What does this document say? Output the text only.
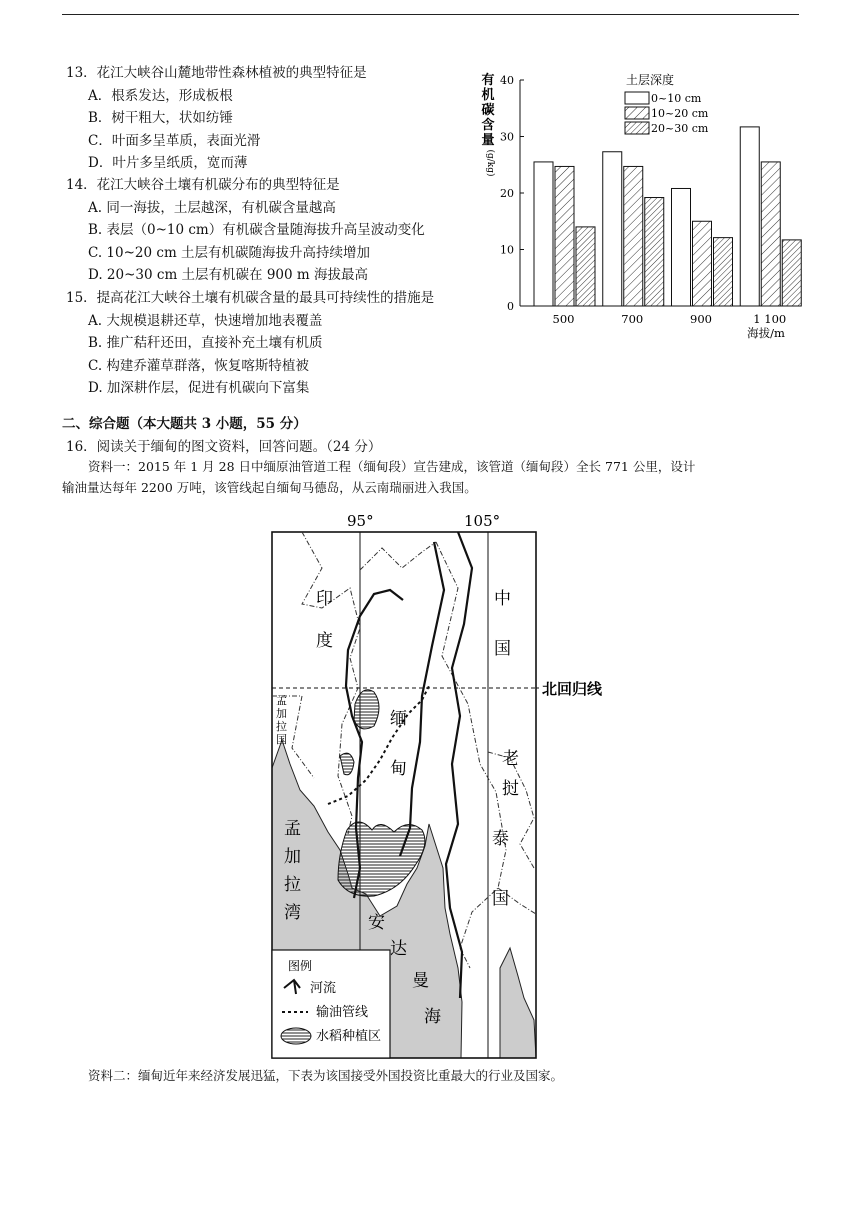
13．花江大峡谷山麓地带性森林植被的典型特征是
A．根系发达，形成板根
B．树干粗大，状如纺锤
C．叶面多呈革质，表面光滑
D．叶片多呈纸质，宽而薄
14．花江大峡谷土壤有机碳分布的典型特征是
A. 同一海拔，土层越深，有机碳含量越高
B. 表层（0~10 cm）有机碳含量随海拔升高呈波动变化
C. 10~20 cm 土层有机碳随海拔升高持续增加
D. 20~30 cm 土层有机碳在 900 m 海拔最高
15．提高花江大峡谷土壤有机碳含量的最具可持续性的措施是
A. 大规模退耕还草，快速增加地表覆盖
B. 推广秸秆还田，直接补充土壤有机质
C. 构建乔灌草群落，恢复喀斯特植被
D. 加深耕作层，促进有机碳向下富集
二、综合题（本大题共 3 小题，55 分）
16．阅读关于缅甸的图文资料，回答问题。（24 分）
资料一：2015 年 1 月 28 日中缅原油管道工程（缅甸段）宣告建成，该管道（缅甸段）全长 771 公里，设计
输油量达每年 2200 万吨，该管线起自缅甸马德岛，从云南瑞丽进入我国。
有
机
碳
含
量
(g/kg)
0
10
20
30
40
500	700	900	1 100
海拔/m
土层深度
0~10 cm
10~20 cm
20~30 cm
95°	105°
印
度
中
国
缅
甸	老
挝
泰
国
孟
加
拉
湾	安
达
曼
海
孟
加
拉
国
图例
河流
输油管线
水稻种植区
北回归线
资料二：缅甸近年来经济发展迅猛，下表为该国接受外国投资比重最大的行业及国家。
